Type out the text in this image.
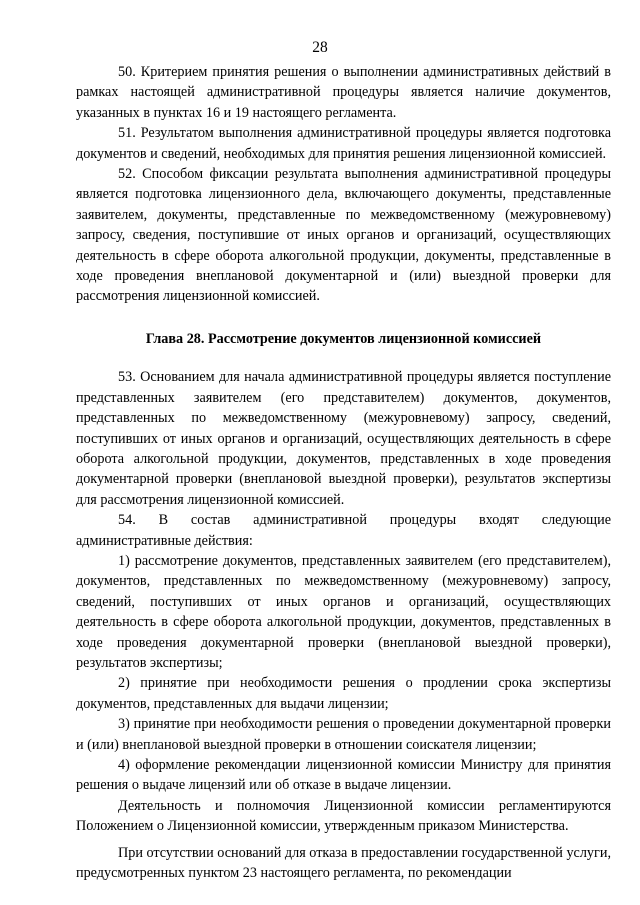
28

50. Критерием принятия решения о выполнении административных действий в рамках настоящей административной процедуры является наличие документов, указанных в пунктах 16 и 19 настоящего регламента.

51. Результатом выполнения административной процедуры является подготовка документов и сведений, необходимых для принятия решения лицензионной комиссией.

52. Способом фиксации результата выполнения административной процедуры является подготовка лицензионного дела, включающего документы, представленные заявителем, документы, представленные по межведомственному (межуровневому) запросу, сведения, поступившие от иных органов и организаций, осуществляющих деятельность в сфере оборота алкогольной продукции, документы, представленные в ходе проведения внеплановой документарной и (или) выездной проверки для рассмотрения лицензионной комиссией.

Глава 28. Рассмотрение документов лицензионной комиссией

53. Основанием для начала административной процедуры является поступление представленных заявителем (его представителем) документов, документов, представленных по межведомственному (межуровневому) запросу, сведений, поступивших от иных органов и организаций, осуществляющих деятельность в сфере оборота алкогольной продукции, документов, представленных в ходе проведения документарной проверки (внеплановой выездной проверки), результатов экспертизы для рассмотрения лицензионной комиссией.

54. В состав административной процедуры входят следующие административные действия:

1) рассмотрение документов, представленных заявителем (его представителем), документов, представленных по межведомственному (межуровневому) запросу, сведений, поступивших от иных органов и организаций, осуществляющих деятельность в сфере оборота алкогольной продукции, документов, представленных в ходе проведения документарной проверки (внеплановой выездной проверки), результатов экспертизы;

2) принятие при необходимости решения о продлении срока экспертизы документов, представленных для выдачи лицензии;

3) принятие при необходимости решения о проведении документарной проверки и (или) внеплановой выездной проверки в отношении соискателя лицензии;

4) оформление рекомендации лицензионной комиссии Министру для принятия решения о выдаче лицензий или об отказе в выдаче лицензии.

Деятельность и полномочия Лицензионной комиссии регламентируются Положением о Лицензионной комиссии, утвержденным приказом Министерства.

При отсутствии оснований для отказа в предоставлении государственной услуги, предусмотренных пунктом 23 настоящего регламента, по рекомендации
